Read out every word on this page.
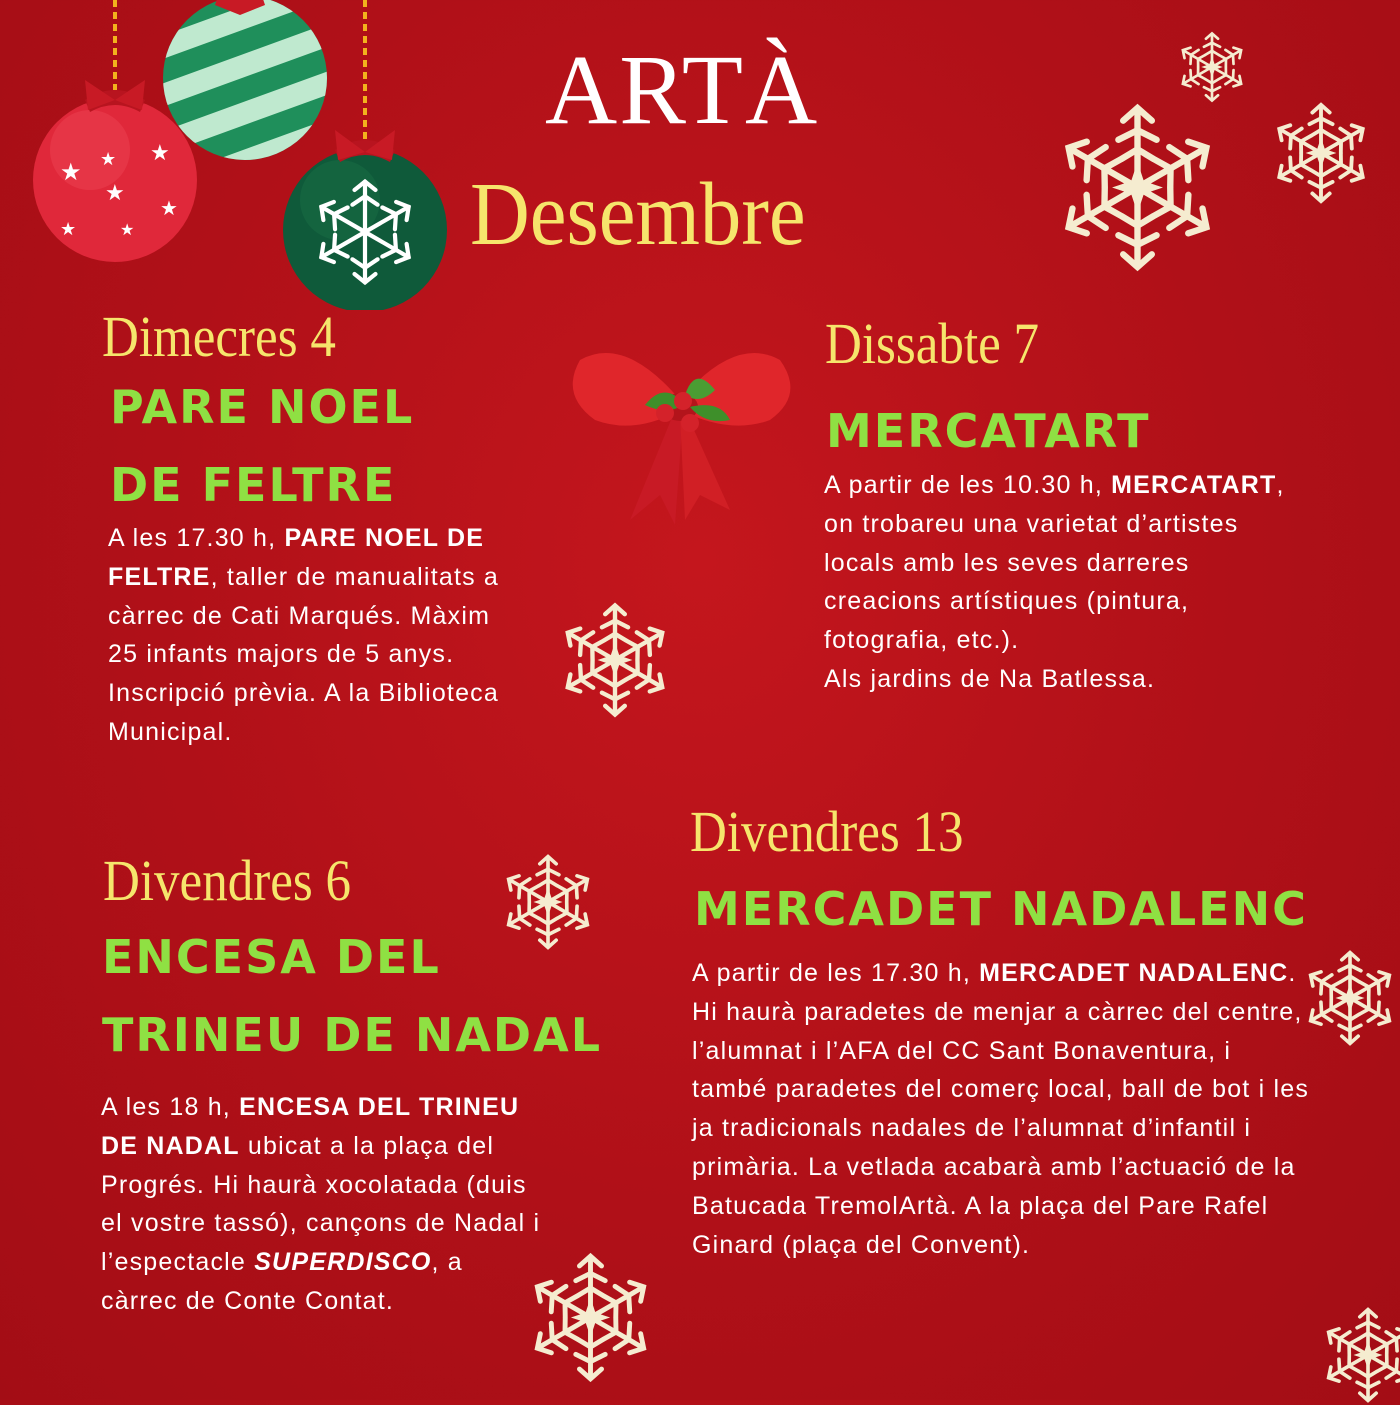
★ ★ ★
★
★
★	★
ARTÀ
Desembre
Dimecres 4
PARE NOEL
DE FELTRE
A les 17.30 h, PARE NOEL DE FELTRE, taller de manualitats a càrrec de Cati Marqués. Màxim 25 infants majors de 5 anys. Inscripció prèvia. A la Biblioteca Municipal.
Dissabte 7
MERCATART
A partir de les 10.30 h, MERCATART, on trobareu una varietat d’artistes locals amb les seves darreres creacions artístiques (pintura, fotografia, etc.).
Als jardins de Na Batlessa.
Divendres 6
ENCESA DEL
TRINEU DE NADAL
A les 18 h, ENCESA DEL TRINEU DE NADAL ubicat a la plaça del Progrés. Hi haurà xocolatada (duis el vostre tassó), cançons de Nadal i l’espectacle SUPERDISCO, a càrrec de Conte Contat.
Divendres 13
MERCADET NADALENC
A partir de les 17.30 h, MERCADET NADALENC. Hi haurà paradetes de menjar a càrrec del centre, l’alumnat i l’AFA del CC Sant Bonaventura, i també paradetes del comerç local, ball de bot i les ja tradicionals nadales de l’alumnat d’infantil i primària. La vetlada acabarà amb l’actuació de la Batucada TremolArtà. A la plaça del Pare Rafel Ginard (plaça del Convent).
